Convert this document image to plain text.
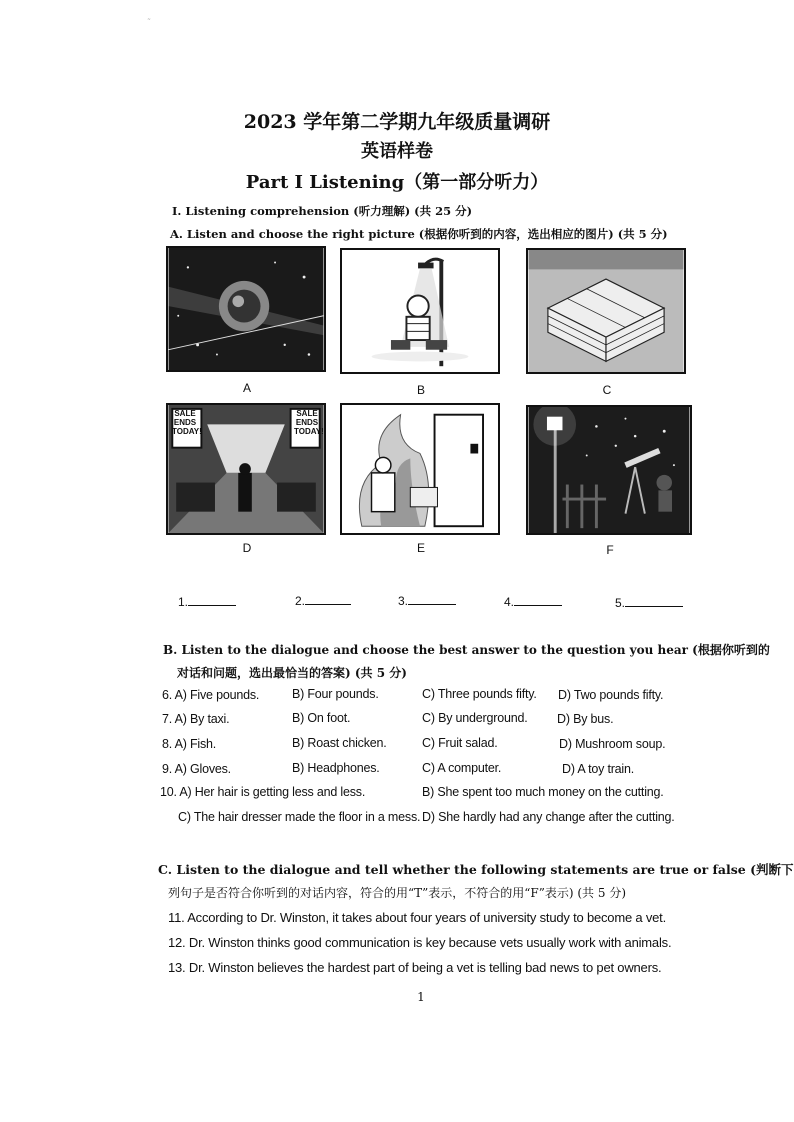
˜
2023 学年第二学期九年级质量调研
英语样卷
Part I Listening（第一部分听力）
I. Listening comprehension (听力理解) (共 25 分)
A. Listen and choose the right picture (根据你听到的内容，选出相应的图片) (共 5 分)
A	B	C
SALE
ENDS
TODAY!
SALE
ENDS
TODAY!
D	E	F
1.	2.	3.	4.	5.
B. Listen to the dialogue and choose the best answer to the question you hear (根据你听到的
对话和问题，选出最恰当的答案) (共 5 分)
6. A) Five pounds.	B) Four pounds.	C) Three pounds fifty. D) Two pounds fifty.
7. A) By taxi.	B) On foot.	C) By underground. D) By bus.
8. A) Fish.	B) Roast chicken.	C) Fruit salad.	D) Mushroom soup.
9. A) Gloves.	B) Headphones.	C) A computer.	D) A toy train.
10. A) Her hair is getting less and less.	B) She spent too much money on the cutting.
C) The hair dresser made the floor in a mess. D) She hardly had any change after the cutting.
C. Listen to the dialogue and tell whether the following statements are true or false (判断下
列句子是否符合你听到的对话内容，符合的用“T”表示，不符合的用“F”表示) (共 5 分)
11. According to Dr. Winston, it takes about four years of university study to become a vet.
12. Dr. Winston thinks good communication is key because vets usually work with animals.
13. Dr. Winston believes the hardest part of being a vet is telling bad news to pet owners.
1
